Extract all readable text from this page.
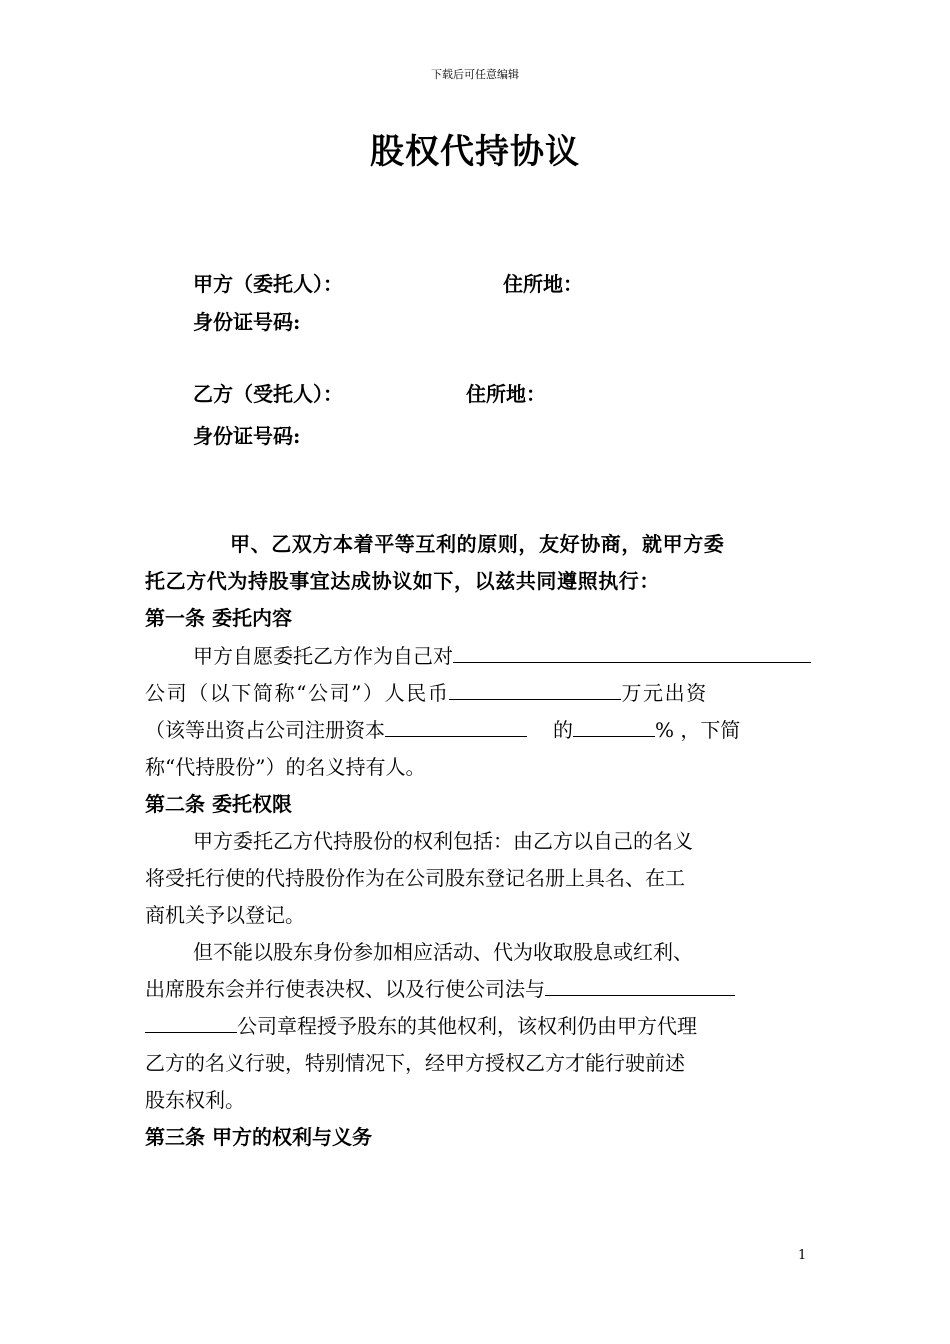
下载后可任意编辑
股权代持协议
甲方（委托人）：	住所地：
身份证号码:
乙方（受托人）：	住所地：
身份证号码:
甲、乙双方本着平等互利的原则，友好协商，就甲方委
托乙方代为持股事宜达成协议如下，以兹共同遵照执行：
第一条 委托内容
甲方自愿委托乙方作为自己对
公司（以下简称“公司”）人民币	万元出资
（该等出资占公司注册资本	的	% ，下简
称“代持股份”）的名义持有人。
第二条 委托权限
甲方委托乙方代持股份的权利包括：由乙方以自己的名义
将受托行使的代持股份作为在公司股东登记名册上具名、在工
商机关予以登记。
但不能以股东身份参加相应活动、代为收取股息或红利、
出席股东会并行使表决权、以及行使公司法与
公司章程授予股东的其他权利，该权利仍由甲方代理
乙方的名义行驶，特别情况下，经甲方授权乙方才能行驶前述
股东权利。
第三条 甲方的权利与义务
1
